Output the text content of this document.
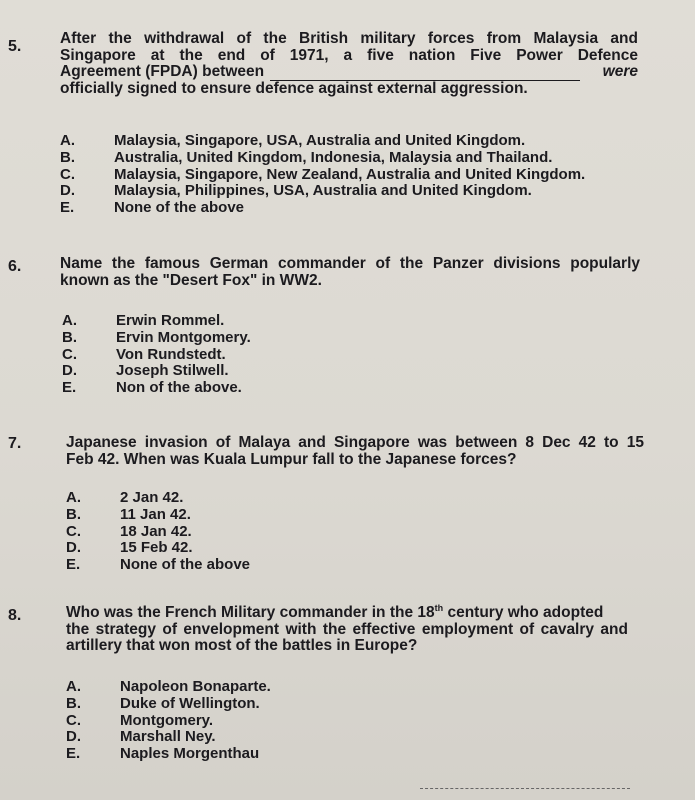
5. After the withdrawal of the British military forces from Malaysia and
Singapore at the end of 1971, a five nation Five Power Defence
Agreement (FPDA) between	were
officially signed to ensure defence against external aggression.
A.	Malaysia, Singapore, USA, Australia and United Kingdom.
B.	Australia, United Kingdom, Indonesia, Malaysia and Thailand.
C.	Malaysia, Singapore, New Zealand, Australia and United Kingdom.
D.	Malaysia, Philippines, USA, Australia and United Kingdom.
E.	None of the above
6. Name the famous German commander of the Panzer divisions popularly
known as the "Desert Fox" in WW2.
A.	Erwin Rommel.
B.	Ervin Montgomery.
C.	Von Rundstedt.
D.	Joseph Stilwell.
E.	Non of the above.
7.	Japanese invasion of Malaya and Singapore was between 8 Dec 42 to 15
Feb 42. When was Kuala Lumpur fall to the Japanese forces?
A.	2 Jan 42.
B.	11 Jan 42.
C.	18 Jan 42.
D.	15 Feb 42.
E.	None of the above
8.	Who was the French Military commander in the 18th century who adopted
the strategy of envelopment with the effective employment of cavalry and
artillery that won most of the battles in Europe?
A.	Napoleon Bonaparte.
B.	Duke of Wellington.
C.	Montgomery.
D.	Marshall Ney.
E.	Naples Morgenthau
